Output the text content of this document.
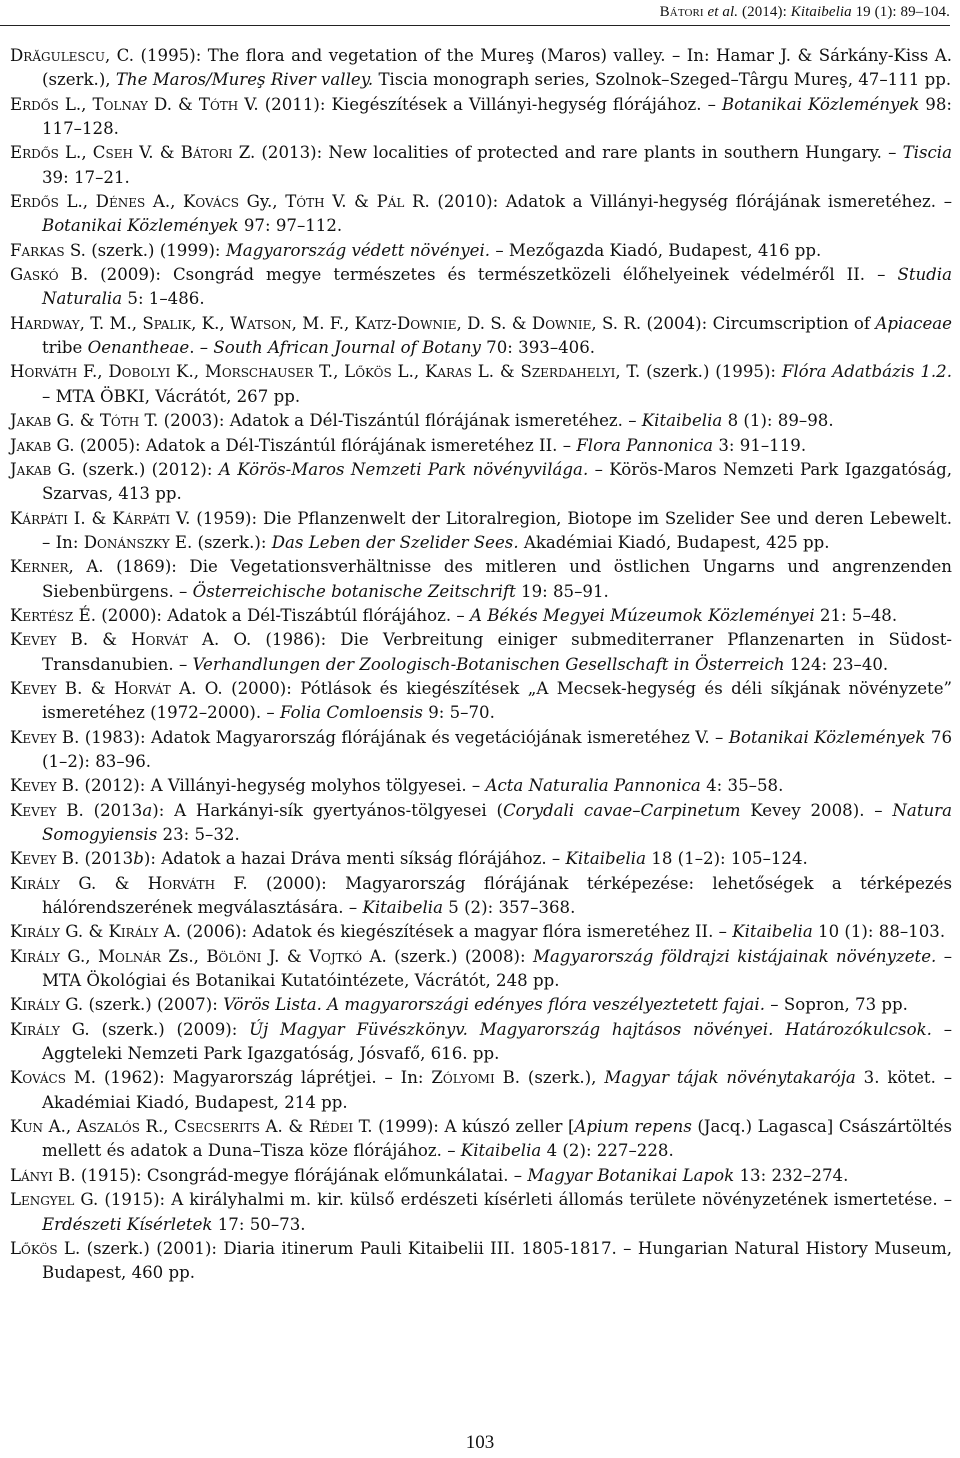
Bátori et al. (2014): Kitaibelia 19 (1): 89–104.

Drăgulescu, C. (1995): The flora and vegetation of the Mureş (Maros) valley. – In: Hamar J. & Sárkány-Kiss A. (szerk.), The Maros/Mureş River valley. Tiscia monograph series, Szolnok–Szeged–Târgu Mureş, 47–111 pp.

Erdős L., Tolnay D. & Tóth V. (2011): Kiegészítések a Villányi-hegység flórájához. – Botanikai Közlemények 98: 117–128.

Erdős L., Cseh V. & Bátori Z. (2013): New localities of protected and rare plants in southern Hungary. – Tiscia 39: 17–21.

Erdős L., Dénes A., Kovács Gy., Tóth V. & Pál R. (2010): Adatok a Villányi-hegység flórájának ismeretéhez. – Botanikai Közlemények 97: 97–112.

Farkas S. (szerk.) (1999): Magyarország védett növényei. – Mezőgazda Kiadó, Budapest, 416 pp.

Gaskó B. (2009): Csongrád megye természetes és természetközeli élőhelyeinek védelméről II. – Studia Naturalia 5: 1–486.

Hardway, T. M., Spalik, K., Watson, M. F., Katz-Downie, D. S. & Downie, S. R. (2004): Circumscription of Apiaceae tribe Oenantheae. – South African Journal of Botany 70: 393–406.

Horváth F., Dobolyi K., Morschauser T., Lőkös L., Karas L. & Szerdahelyi, T. (szerk.) (1995): Flóra Adatbázis 1.2. – MTA ÖBKI, Vácrátót, 267 pp.

Jakab G. & Tóth T. (2003): Adatok a Dél-Tiszántúl flórájának ismeretéhez. – Kitaibelia 8 (1): 89–98.

Jakab G. (2005): Adatok a Dél-Tiszántúl flórájának ismeretéhez II. – Flora Pannonica 3: 91–119.

Jakab G. (szerk.) (2012): A Körös-Maros Nemzeti Park növényvilága. – Körös-Maros Nemzeti Park Igazgatóság, Szarvas, 413 pp.

Kárpáti I. & Kárpáti V. (1959): Die Pflanzenwelt der Litoralregion, Biotope im Szelider See und deren Lebewelt. – In: Donánszky E. (szerk.): Das Leben der Szelider Sees. Akadémiai Kiadó, Budapest, 425 pp.

Kerner, A. (1869): Die Vegetationsverhältnisse des mitleren und östlichen Ungarns und angrenzenden Siebenbürgens. – Österreichische botanische Zeitschrift 19: 85–91.

Kertész É. (2000): Adatok a Dél-Tiszábtúl flórájához. – A Békés Megyei Múzeumok Közleményei 21: 5–48.

Kevey B. & Horvát A. O. (1986): Die Verbreitung einiger submediterraner Pflanzenarten in Südost-Transdanubien. – Verhandlungen der Zoologisch-Botanischen Gesellschaft in Österreich 124: 23–40.

Kevey B. & Horvát A. O. (2000): Pótlások és kiegészítések „A Mecsek-hegység és déli síkjának növényzete” ismeretéhez (1972–2000). – Folia Comloensis 9: 5–70.

Kevey B. (1983): Adatok Magyarország flórájának és vegetációjának ismeretéhez V. – Botanikai Közlemények 76 (1–2): 83–96.

Kevey B. (2012): A Villányi-hegység molyhos tölgyesei. – Acta Naturalia Pannonica 4: 35–58.

Kevey B. (2013a): A Harkányi-sík gyertyános-tölgyesei (Corydali cavae–Carpinetum Kevey 2008). – Natura Somogyiensis 23: 5–32.

Kevey B. (2013b): Adatok a hazai Dráva menti síkság flórájához. – Kitaibelia 18 (1–2): 105–124.

Király G. & Horváth F. (2000): Magyarország flórájának térképezése: lehetőségek a térképezés hálórendszerének megválasztására. – Kitaibelia 5 (2): 357–368.

Király G. & Király A. (2006): Adatok és kiegészítések a magyar flóra ismeretéhez II. – Kitaibelia 10 (1): 88–103.

Király G., Molnár Zs., Bölöni J. & Vojtkó A. (szerk.) (2008): Magyarország földrajzi kistájainak növényzete. – MTA Ökológiai és Botanikai Kutatóintézete, Vácrátót, 248 pp.

Király G. (szerk.) (2007): Vörös Lista. A magyarországi edényes flóra veszélyeztetett fajai. – Sopron, 73 pp.

Király G. (szerk.) (2009): Új Magyar Füvészkönyv. Magyarország hajtásos növényei. Határozókulcsok. – Aggteleki Nemzeti Park Igazgatóság, Jósvafő, 616. pp.

Kovács M. (1962): Magyarország láprétjei. – In: Zólyomi B. (szerk.), Magyar tájak növénytakarója 3. kötet. – Akadémiai Kiadó, Budapest, 214 pp.

Kun A., Aszalós R., Csecserits A. & Rédei T. (1999): A kúszó zeller [Apium repens (Jacq.) Lagasca] Császártöltés mellett és adatok a Duna–Tisza köze flórájához. – Kitaibelia 4 (2): 227–228.

Lányi B. (1915): Csongrád-megye flórájának előmunkálatai. – Magyar Botanikai Lapok 13: 232–274.

Lengyel G. (1915): A királyhalmi m. kir. külső erdészeti kísérleti állomás területe növényzetének ismertetése. – Erdészeti Kísérletek 17: 50–73.

Lőkös L. (szerk.) (2001): Diaria itinerum Pauli Kitaibelii III. 1805-1817. – Hungarian Natural History Museum, Budapest, 460 pp.

103
